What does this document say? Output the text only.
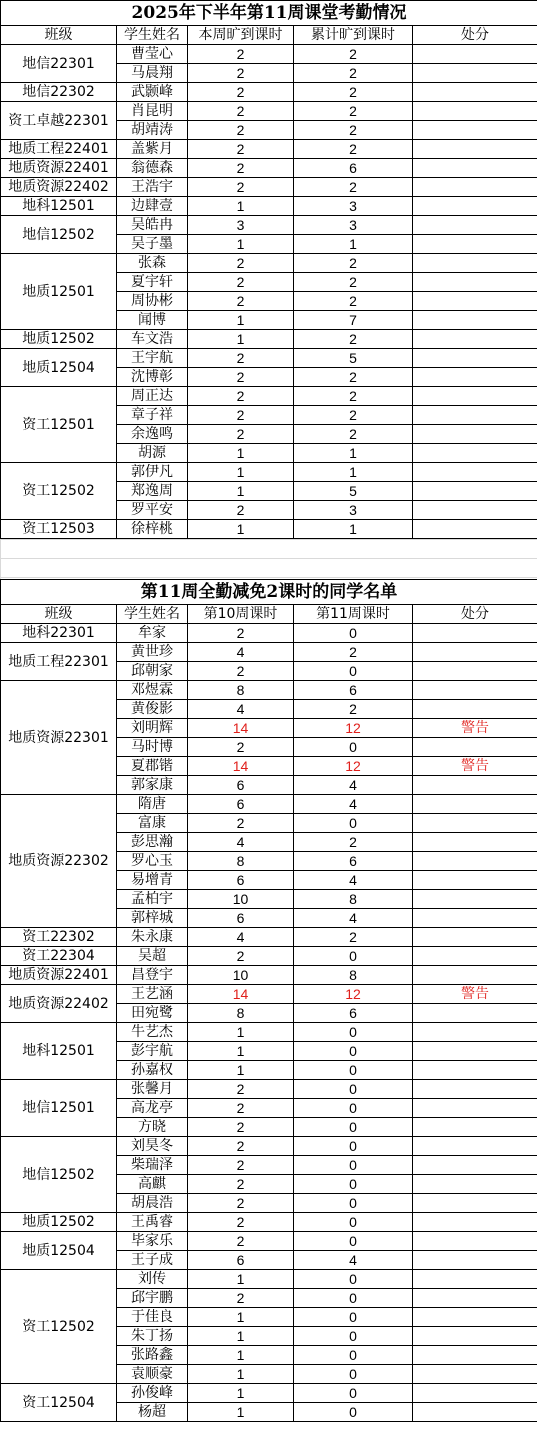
2025年下半年第11周课堂考勤情况				
班级	学生姓名	本周旷到课时	累计旷到课时	处分
地信22301	曹莹心	2	2	
	马晨翔	2	2	
地信22302	武颢峰	2	2	
资工卓越22301	肖昆明	2	2	
	胡靖涛	2	2	
地质工程22401	盖紫月	2	2	
地质资源22401	翁德森	2	6	
地质资源22402	王浩宇	2	2	
地科12501	边肆壹	1	3	
地信12502	吴皓冉	3	3	
	吴子墨	1	1	
地质12501	张森	2	2	
	夏宇轩	2	2	
	周协彬	2	2	
	闻博	1	7	
地质12502	车文浩	1	2	
地质12504	王宇航	2	5	
	沈博彰	2	2	
资工12501	周正达	2	2	
	章子祥	2	2	
	余逸鸣	2	2	
	胡源	1	1	
资工12502	郭伊凡	1	1	
	郑逸周	1	5	
	罗平安	2	3	
资工12503	徐梓桃	1	1	
第11周全勤减免2课时的同学名单				
班级	学生姓名	第10周课时	第11周课时	处分
地科22301	牟家	2	0	
地质工程22301	黄世珍	4	2	
	邱朝家	2	0	
地质资源22301	邓煜霖	8	6	
	黄俊影	4	2	
	刘明辉	14	12	警告
	马时博	2	0	
	夏郡锴	14	12	警告
	郭家康	6	4	
地质资源22302	隋唐	6	4	
	富康	2	0	
	彭思瀚	4	2	
	罗心玉	8	6	
	易增青	6	4	
	孟柏宇	10	8	
	郭梓城	6	4	
资工22302	朱永康	4	2	
资工22304	吴超	2	0	
地质资源22401	昌登宇	10	8	
地质资源22402	王艺涵	14	12	警告
	田宛鹭	8	6	
地科12501	牛艺杰	1	0	
	彭宇航	1	0	
	孙嘉权	1	0	
地信12501	张馨月	2	0	
	高龙亭	2	0	
	方晓	2	0	
地信12502	刘昊冬	2	0	
	柴瑞泽	2	0	
	高麒	2	0	
	胡晨浩	2	0	
地质12502	王禹睿	2	0	
地质12504	毕家乐	2	0	
	王子成	6	4	
资工12502	刘传	1	0	
	邱宇鹏	2	0	
	于佳良	1	0	
	朱丁扬	1	0	
	张路鑫	1	0	
	袁顺豪	1	0	
资工12504	孙俊峰	1	0	
	杨超	1	0	
